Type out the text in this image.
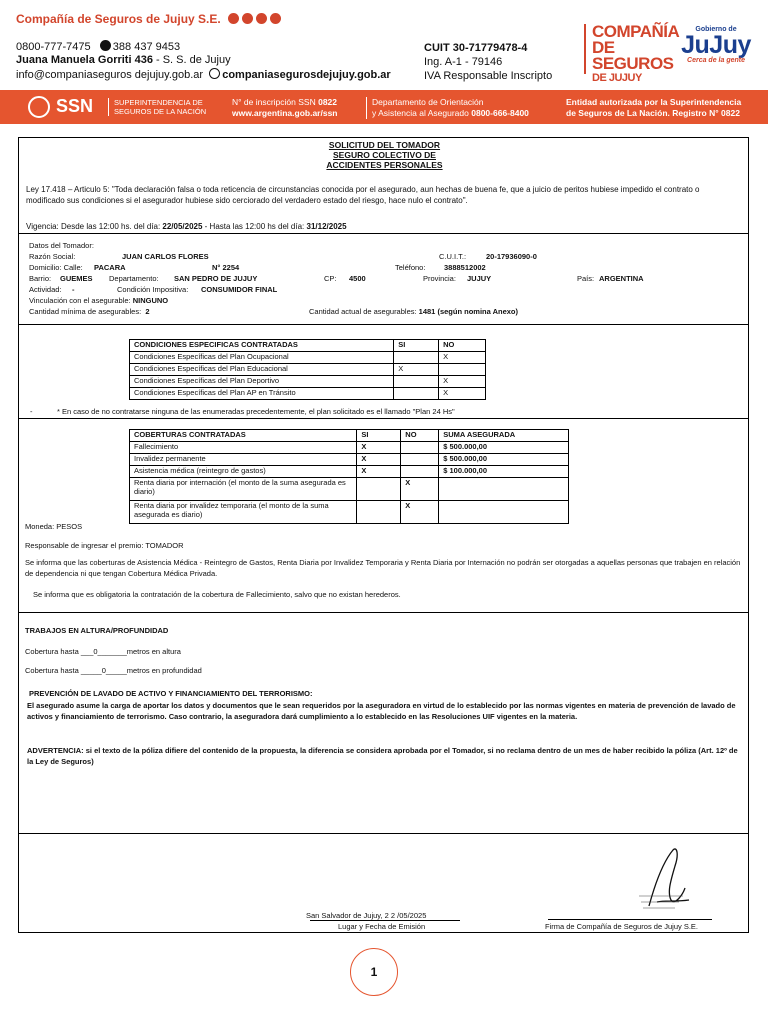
Compañía de Seguros de Jujuy S.E.
0800-777-7475 388 437 9453
Juana Manuela Gorriti 436 - S. S. de Jujuy
info@companiaseguros dejujuy.gob.ar companiasegurosdejujuy.gob.ar
CUIT 30-71779478-4
Ing. A-1 - 79146
IVA Responsable Inscripto
COMPAÑÍA
DE SEGUROS
DE JUJUY
Gobierno de
JuJuy
Cerca de la gente
SSN	SUPERINTENDENCIA DE
SEGUROS DE LA NACIÓN
N° de inscripción SSN 0822
www.argentina.gob.ar/ssn
Departamento de Orientación
y Asistencia al Asegurado 0800-666-8400
Entidad autorizada por la Superintendencia
de Seguros de La Nación. Registro N° 0822
SOLICITUD DEL TOMADOR
SEGURO COLECTIVO DE
ACCIDENTES PERSONALES
Ley 17.418 – Articulo 5: "Toda declaración falsa o toda reticencia de circunstancias conocida por el asegurado, aun hechas de buena fe, que a juicio de peritos hubiese impedido el contrato o modificado sus condiciones si el asegurador hubiese sido cerciorado del verdadero estado del riesgo, hace nulo el contrato".
Vigencia: Desde las 12:00 hs. del día: 22/05/2025 - Hasta las 12:00 hs del día: 31/12/2025
Datos del Tomador:
Razón Social:	JUAN CARLOS FLORES	C.U.I.T.:	20-17936090-0
Domicilio: Calle: PACARA	N° 2254	Teléfono: 3888512002
Barrio: GUEMES Departamento: SAN PEDRO DE JUJUY	CP: 4500	Provincia: JUJUY	País: ARGENTINA
Actividad: -	Condición Impositiva: CONSUMIDOR FINAL
Vinculación con el asegurable: NINGUNO
Cantidad mínima de asegurables: 2	Cantidad actual de asegurables: 1481 (según nomina Anexo)
CONDICIONES ESPECIFICAS CONTRATADAS	SI	NO
Condiciones Específicas del Plan Ocupacional		X
Condiciones Específicas del Plan Educacional	X	
Condiciones Específicas del Plan Deportivo		X
Condiciones Específicas del Plan AP en Tránsito		X
-	* En caso de no contratarse ninguna de las enumeradas precedentemente, el plan solicitado es el llamado "Plan 24 Hs"
COBERTURAS CONTRATADAS	SI	NO	SUMA ASEGURADA
Fallecimiento	X		$ 500.000,00
Invalidez permanente	X		$ 500.000,00
Asistencia médica (reintegro de gastos)	X		$ 100.000,00
Renta diaria por internación (el monto de la suma asegurada es diario)		X	
Renta diaria por invalidez temporaria (el monto de la suma asegurada es diario)		X	
Moneda: PESOS
Responsable de ingresar el premio: TOMADOR
Se informa que las coberturas de Asistencia Médica - Reintegro de Gastos, Renta Diaria por Invalidez Temporaria y Renta Diaria por Internación no podrán ser otorgadas a aquellas personas que trabajen en relación de dependencia ni que tengan Cobertura Médica Privada.
Se informa que es obligatoria la contratación de la cobertura de Fallecimiento, salvo que no existan herederos.
TRABAJOS EN ALTURA/PROFUNDIDAD
Cobertura hasta ___0_______metros en altura
Cobertura hasta _____0_____metros en profundidad
PREVENCIÓN DE LAVADO DE ACTIVO Y FINANCIAMIENTO DEL TERRORISMO:
El asegurado asume la carga de aportar los datos y documentos que le sean requeridos por la aseguradora en virtud de lo establecido por las normas vigentes en materia de prevención de lavado de activos y financiamiento de terrorismo. Caso contrario, la aseguradora dará cumplimiento a lo establecido en las Resoluciones UIF vigentes en la materia.
ADVERTENCIA: si el texto de la póliza difiere del contenido de la propuesta, la diferencia se considera aprobada por el Tomador, si no reclama dentro de un mes de haber recibido la póliza (Art. 12º de la Ley de Seguros)
San Salvador de Jujuy, 2 2 /05/2025
Lugar y Fecha de Emisión	Firma de Compañía de Seguros de Jujuy S.E.
1
